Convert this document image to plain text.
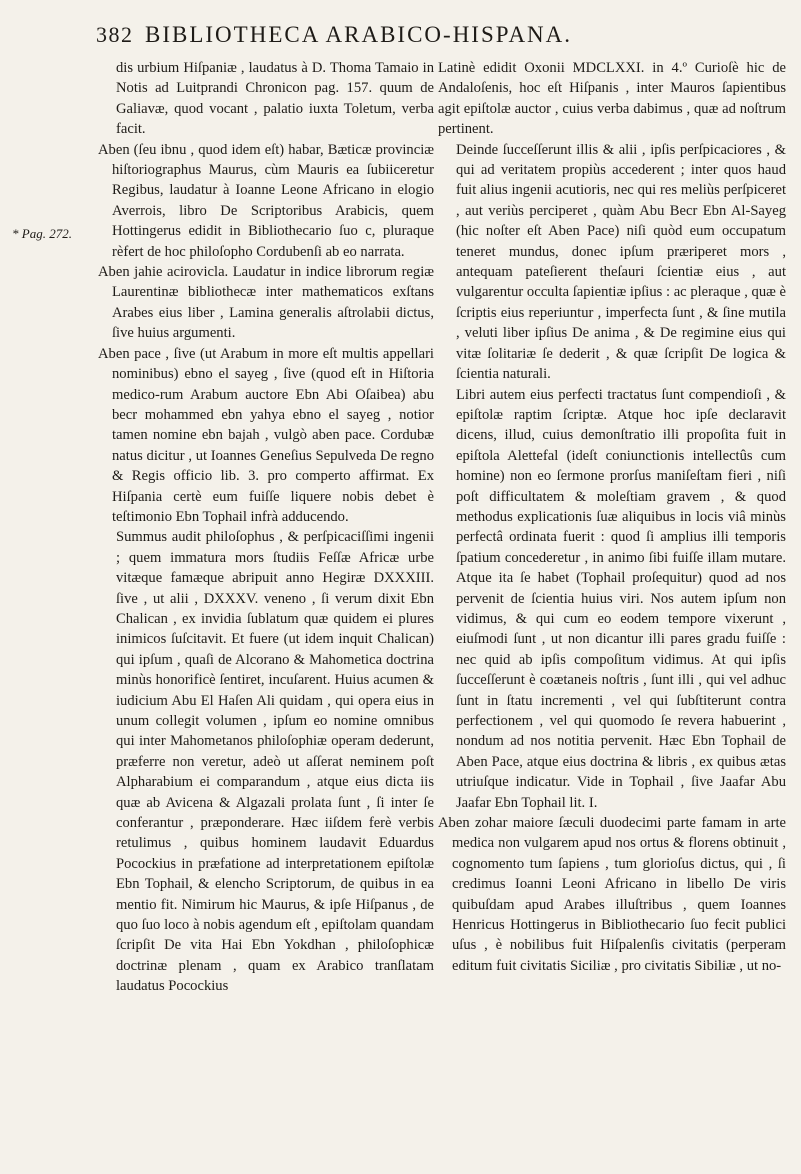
382 BIBLIOTHECA ARABICO-HISPANA.
* Pag. 272.

dis urbium Hiſpaniæ , laudatus à D. Thoma Tamaio in Notis ad Luitprandi Chronicon pag. 157. quum de Galiavæ, quod vocant , palatio iuxta Toletum, verba facit.

Aben (ſeu ibnu , quod idem eſt) habar, Bæticæ provinciæ hiſtoriographus Maurus, cùm Mauris ea ſubiiceretur Regibus, laudatur à Ioanne Leone Africano in elogio Averrois, libro De Scriptoribus Arabicis, quem Hottingerus edidit in Bibliothecario ſuo c, pluraque rèfert de hoc philoſopho Cordubenſi ab eo narrata.

Aben jahie acirovicla. Laudatur in indice librorum regiæ Laurentinæ bibliothecæ inter mathematicos exſtans Arabes eius liber , Lamina generalis aſtrolabii dictus, ſive huius argumenti.

Aben pace , ſive (ut Arabum in more eſt multis appellari nominibus) ebno el sayeg , ſive (quod eſt in Hiſtoria medico-rum Arabum auctore Ebn Abi Oſaibea) abu becr mohammed ebn yahya ebno el sayeg , notior tamen nomine ebn bajah , vulgò aben pace. Cordubæ natus dicitur , ut Ioannes Geneſius Sepulveda De regno & Regis officio lib. 3. pro comperto affirmat. Ex Hiſpania certè eum fuiſſe liquere nobis debet è teſtimonio Ebn Tophail infrà adducendo.

Summus audit philoſophus , & perſpicaciſſimi ingenii ; quem immatura mors ſtudiis Feſſæ Africæ urbe vitæque famæque abripuit anno Hegiræ DXXXIII. ſive , ut alii , DXXXV. veneno , ſi verum dixit Ebn Chalican , ex invidia ſublatum quæ quidem ei plures inimicos ſuſcitavit. Et fuere (ut idem inquit Chalican) qui ipſum , quaſi de Alcorano & Mahometica doctrina minùs honorificè ſentiret, incuſarent. Huius acumen & iudicium Abu El Haſen Ali quidam , qui opera eius in unum collegit volumen , ipſum eo nomine omnibus qui inter Mahometanos philoſophiæ operam dederunt, præferre non veretur, adeò ut aſſerat neminem poſt Alpharabium ei comparandum , atque eius dicta iis quæ ab Avicena & Algazali prolata ſunt , ſi inter ſe conferantur , præponderare. Hæc iiſdem ferè verbis retulimus , quibus hominem laudavit Eduardus Pocockius in præfatione ad interpretationem epiſtolæ Ebn Tophail, & elencho Scriptorum, de quibus in ea mentio fit. Nimirum hic Maurus, & ipſe Hiſpanus , de quo ſuo loco à nobis agendum eſt , epiſtolam quandam ſcripſit De vita Hai Ebn Yokdhan , philoſophicæ doctrinæ plenam , quam ex Arabico tranſlatam laudatus Pocockius

Latinè edidit Oxonii MDCLXXI. in 4.º Curioſè hic de Andaloſenis, hoc eſt Hiſpanis , inter Mauros ſapientibus agit epiſtolæ auctor , cuius verba dabimus , quæ ad noſtrum pertinent.

Deinde ſucceſſerunt illis & alii , ipſis perſpicaciores , & qui ad veritatem propiùs accederent ; inter quos haud fuit alius ingenii acutioris, nec qui res meliùs perſpiceret , aut veriùs perciperet , quàm Abu Becr Ebn Al-Sayeg (hic noſter eſt Aben Pace) niſi quòd eum occupatum teneret mundus, donec ipſum præriperet mors , antequam pateſierent theſauri ſcientiæ eius , aut vulgarentur occulta ſapientiæ ipſius : ac pleraque , quæ è ſcriptis eius reperiuntur , imperfecta ſunt , & ſine mutila , veluti liber ipſius De anima , & De regimine eius qui vitæ ſolitariæ ſe dederit , & quæ ſcripſit De logica & ſcientia naturali.

Libri autem eius perfecti tractatus ſunt compendioſi , & epiſtolæ raptim ſcriptæ. Atque hoc ipſe declaravit dicens, illud, cuius demonſtratio illi propoſita fuit in epiſtola Alettefal (ideſt coniunctionis intellectûs cum homine) non eo ſermone prorſus maniſeſtam fieri , niſi poſt difficultatem & moleſtiam gravem , & quod methodus explicationis ſuæ aliquibus in locis viâ minùs perfectâ ordinata fuerit : quod ſi amplius illi temporis ſpatium concederetur , in animo ſibi fuiſſe illam mutare. Atque ita ſe habet (Tophail proſequitur) quod ad nos pervenit de ſcientia huius viri. Nos autem ipſum non vidimus, & qui cum eo eodem tempore vixerunt , eiuſmodi ſunt , ut non dicantur illi pares gradu fuiſſe : nec quid ab ipſis compoſitum vidimus. At qui ipſis ſucceſſerunt è coætaneis noſtris , ſunt illi , qui vel adhuc ſunt in ſtatu incrementi , vel qui ſubſtiterunt contra perfectionem , vel qui quomodo ſe revera habuerint , nondum ad nos notitia pervenit. Hæc Ebn Tophail de Aben Pace, atque eius doctrina & libris , ex quibus ætas utriuſque indicatur. Vide in Tophail , ſive Jaafar Abu Jaafar Ebn Tophail lit. I.

Aben zohar maiore ſæculi duodecimi parte famam in arte medica non vulgarem apud nos ortus & florens obtinuit , cognomento tum ſapiens , tum glorioſus dictus, qui , ſi credimus Ioanni Leoni Africano in libello De viris quibuſdam apud Arabes illuſtribus , quem Ioannes Henricus Hottingerus in Bibliothecario ſuo fecit publici uſus , è nobilibus fuit Hiſpalenſis civitatis (perperam editum fuit civitatis Siciliæ , pro civitatis Sibiliæ , ut no-
